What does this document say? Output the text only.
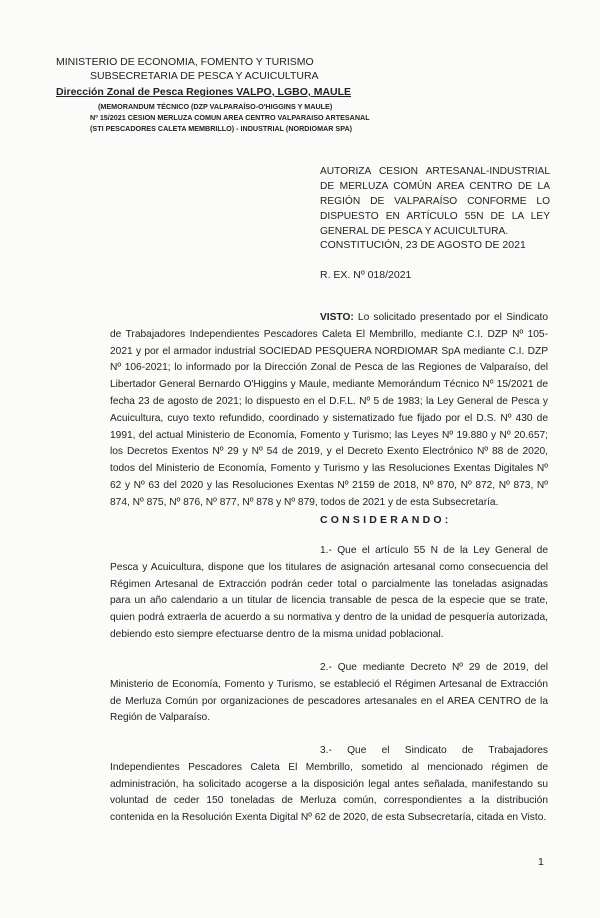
MINISTERIO DE ECONOMIA, FOMENTO Y TURISMO
SUBSECRETARIA DE PESCA Y ACUICULTURA
Dirección Zonal de Pesca Regiones VALPO, LGBO, MAULE
(MEMORANDUM TÉCNICO (DZP VALPARAÍSO-O'HIGGINS Y MAULE)
Nº 15/2021 CESION MERLUZA COMUN AREA CENTRO VALPARAISO ARTESANAL
(STI PESCADORES CALETA MEMBRILLO) - INDUSTRIAL (NORDIOMAR SPA)
AUTORIZA CESION ARTESANAL-INDUSTRIAL DE MERLUZA COMÚN AREA CENTRO DE LA REGIÓN DE VALPARAÍSO CONFORME LO DISPUESTO EN ARTÍCULO 55N DE LA LEY GENERAL DE PESCA Y ACUICULTURA.
CONSTITUCIÓN, 23 DE AGOSTO DE 2021
R. EX. Nº 018/2021
VISTO: Lo solicitado presentado por el Sindicato de Trabajadores Independientes Pescadores Caleta El Membrillo, mediante C.I. DZP Nº 105-2021 y por el armador industrial SOCIEDAD PESQUERA NORDIOMAR SpA mediante C.I. DZP Nº 106-2021; lo informado por la Dirección Zonal de Pesca de las Regiones de Valparaíso, del Libertador General Bernardo O'Higgins y Maule, mediante Memorándum Técnico Nº 15/2021 de fecha 23 de agosto de 2021; lo dispuesto en el D.F.L. Nº 5 de 1983; la Ley General de Pesca y Acuicultura, cuyo texto refundido, coordinado y sistematizado fue fijado por el D.S. Nº 430 de 1991, del actual Ministerio de Economía, Fomento y Turismo; las Leyes Nº 19.880 y Nº 20.657; los Decretos Exentos Nº 29 y Nº 54 de 2019, y el Decreto Exento Electrónico Nº 88 de 2020, todos del Ministerio de Economía, Fomento y Turismo y las Resoluciones Exentas Digitales Nº 62 y Nº 63 del 2020 y las Resoluciones Exentas Nº 2159 de 2018, Nº 870, Nº 872, Nº 873, Nº 874, Nº 875, Nº 876, Nº 877, Nº 878 y Nº 879, todos de 2021 y de esta Subsecretaría.
CONSIDERANDO:
1.- Que el artículo 55 N de la Ley General de Pesca y Acuicultura, dispone que los titulares de asignación artesanal como consecuencia del Régimen Artesanal de Extracción podrán ceder total o parcialmente las toneladas asignadas para un año calendario a un titular de licencia transable de pesca de la especie que se trate, quien podrá extraerla de acuerdo a su normativa y dentro de la unidad de pesquería autorizada, debiendo esto siempre efectuarse dentro de la misma unidad poblacional.
2.- Que mediante Decreto Nº 29 de 2019, del Ministerio de Economía, Fomento y Turismo, se estableció el Régimen Artesanal de Extracción de Merluza Común por organizaciones de pescadores artesanales en el AREA CENTRO de la Región de Valparaíso.
3.- Que el Sindicato de Trabajadores Independientes Pescadores Caleta El Membrillo, sometido al mencionado régimen de administración, ha solicitado acogerse a la disposición legal antes señalada, manifestando su voluntad de ceder 150 toneladas de Merluza común, correspondientes a la distribución contenida en la Resolución Exenta Digital Nº 62 de 2020, de esta Subsecretaría, citada en Visto.
1
